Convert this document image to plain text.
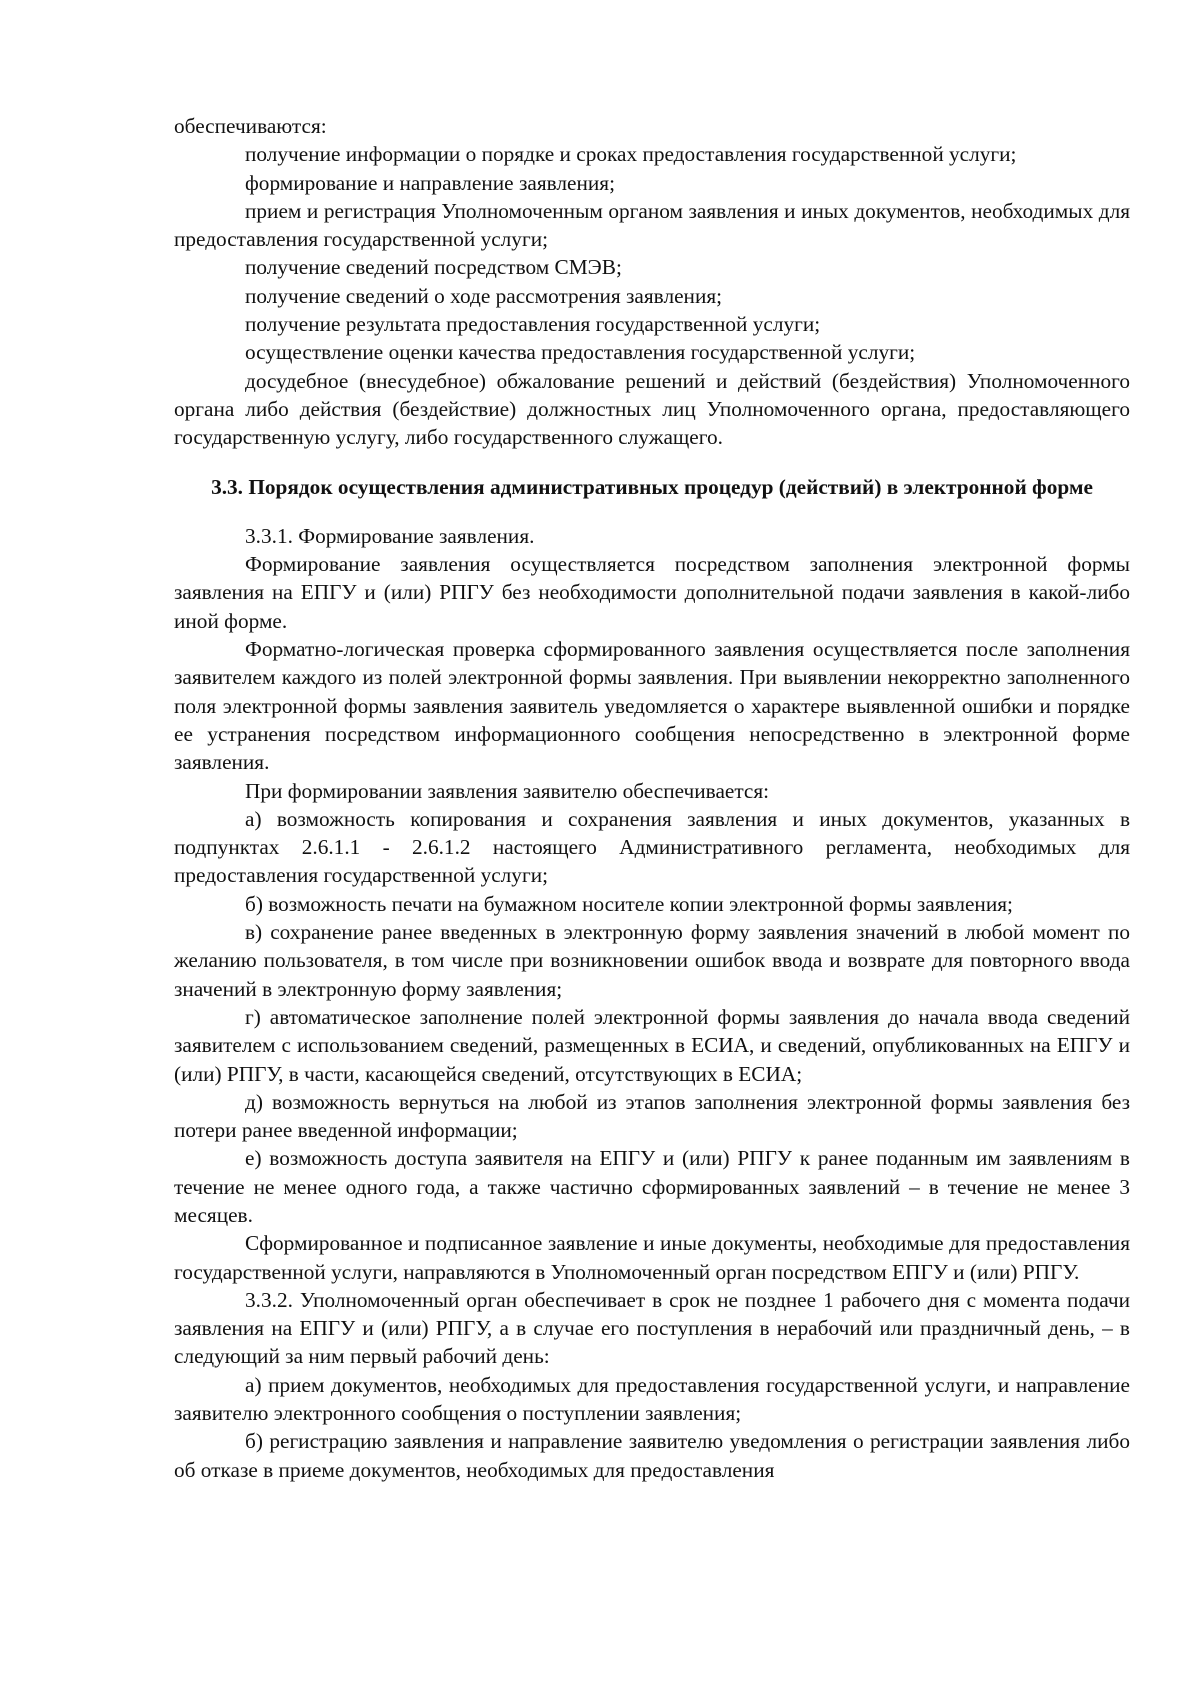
обеспечиваются:

получение информации о порядке и сроках предоставления государственной услуги;

формирование и направление заявления;

прием и регистрация Уполномоченным органом заявления и иных документов, необходимых для предоставления государственной услуги;

получение сведений посредством СМЭВ;

получение сведений о ходе рассмотрения заявления;

получение результата предоставления государственной услуги;

осуществление оценки качества предоставления государственной услуги;

досудебное (внесудебное) обжалование решений и действий (бездействия) Уполномоченного органа либо действия (бездействие) должностных лиц Уполномоченного органа, предоставляющего государственную услугу, либо государственного служащего.

3.3. Порядок осуществления административных процедур (действий) в электронной форме

3.3.1. Формирование заявления.

Формирование заявления осуществляется посредством заполнения электронной формы заявления на ЕПГУ и (или) РПГУ без необходимости дополнительной подачи заявления в какой-либо иной форме.

Форматно-логическая проверка сформированного заявления осуществляется после заполнения заявителем каждого из полей электронной формы заявления. При выявлении некорректно заполненного поля электронной формы заявления заявитель уведомляется о характере выявленной ошибки и порядке ее устранения посредством информационного сообщения непосредственно в электронной форме заявления.

При формировании заявления заявителю обеспечивается:

а) возможность копирования и сохранения заявления и иных документов, указанных в подпунктах 2.6.1.1 - 2.6.1.2 настоящего Административного регламента, необходимых для предоставления государственной услуги;

б) возможность печати на бумажном носителе копии электронной формы заявления;

в) сохранение ранее введенных в электронную форму заявления значений в любой момент по желанию пользователя, в том числе при возникновении ошибок ввода и возврате для повторного ввода значений в электронную форму заявления;

г) автоматическое заполнение полей электронной формы заявления до начала ввода сведений заявителем с использованием сведений, размещенных в ЕСИА, и сведений, опубликованных на ЕПГУ и (или) РПГУ, в части, касающейся сведений, отсутствующих в ЕСИА;

д) возможность вернуться на любой из этапов заполнения электронной формы заявления без потери ранее введенной информации;

е) возможность доступа заявителя на ЕПГУ и (или) РПГУ к ранее поданным им заявлениям в течение не менее одного года, а также частично сформированных заявлений – в течение не менее 3 месяцев.

Сформированное и подписанное заявление и иные документы, необходимые для предоставления государственной услуги, направляются в Уполномоченный орган посредством ЕПГУ и (или) РПГУ.

3.3.2. Уполномоченный орган обеспечивает в срок не позднее 1 рабочего дня с момента подачи заявления на ЕПГУ и (или) РПГУ, а в случае его поступления в нерабочий или праздничный день, – в следующий за ним первый рабочий день:

а) прием документов, необходимых для предоставления государственной услуги, и направление заявителю электронного сообщения о поступлении заявления;

б) регистрацию заявления и направление заявителю уведомления о регистрации заявления либо об отказе в приеме документов, необходимых для предоставления
